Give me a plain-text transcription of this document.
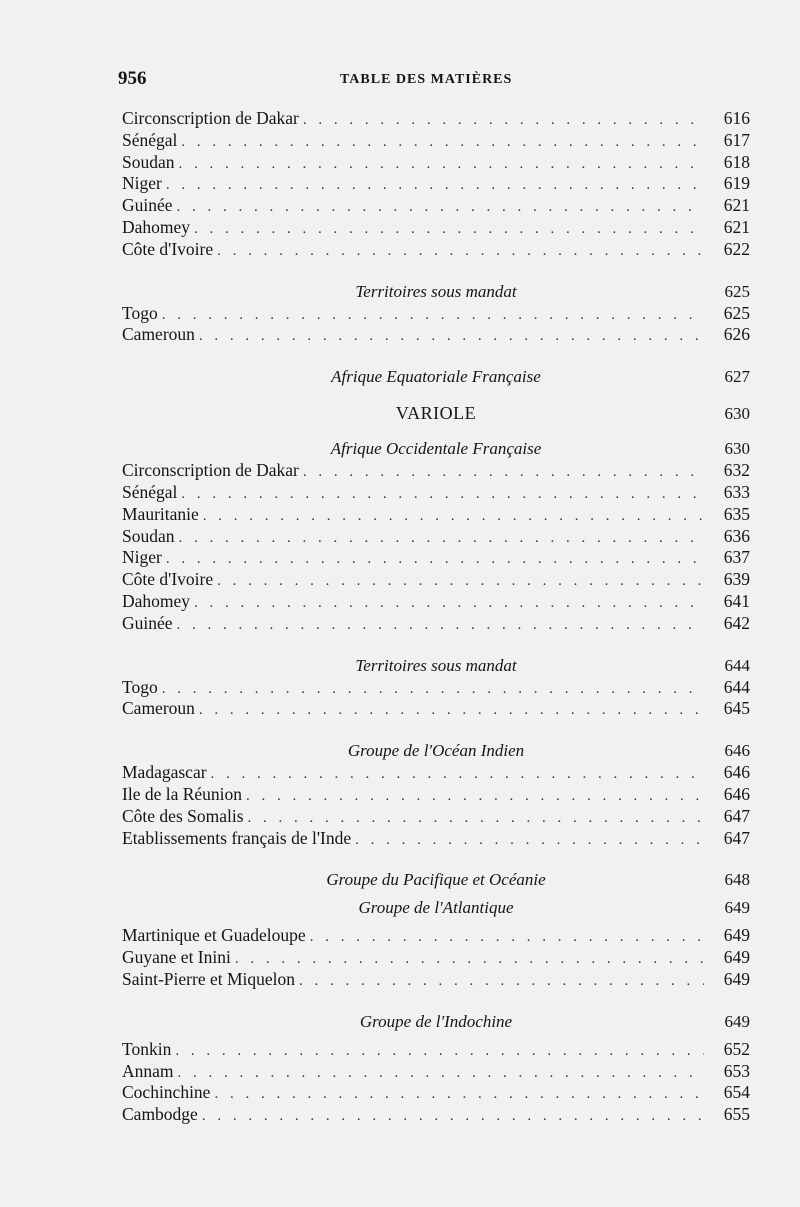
956	TABLE DES MATIÈRES
Circonscription de Dakar . . .	616
Sénégal . . .	617
Soudan . . .	618
Niger . . .	619
Guinée . . .	621
Dahomey . . .	621
Côte d'Ivoire . . .	622
Territoires sous mandat	625
Togo . . .	625
Cameroun . . .	626
Afrique Equatoriale Française	627
VARIOLE	630
Afrique Occidentale Française	630
Circonscription de Dakar . . .	632
Sénégal . . .	633
Mauritanie . . .	635
Soudan . . .	636
Niger . . .	637
Côte d'Ivoire . . .	639
Dahomey . . .	641
Guinée . . .	642
Territoires sous mandat	644
Togo . . .	644
Cameroun . . .	645
Groupe de l'Océan Indien	646
Madagascar . . .	646
Ile de la Réunion . . .	646
Côte des Somalis . . .	647
Etablissements français de l'Inde . . .	647
Groupe du Pacifique et Océanie	648
Groupe de l'Atlantique	649
Martinique et Guadeloupe . . .	649
Guyane et Inini . . .	649
Saint-Pierre et Miquelon . . .	649
Groupe de l'Indochine	649
Tonkin . . .	652
Annam . . .	653
Cochinchine . . .	654
Cambodge . . .	655
